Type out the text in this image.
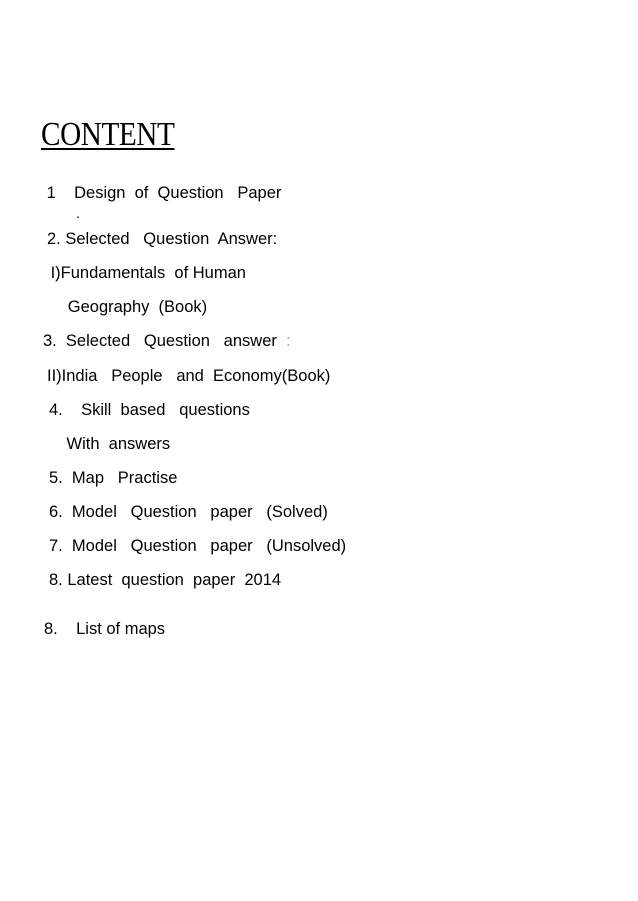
CONTENT
1    Design  of  Question   Paper
.
2. Selected   Question  Answer:
I)Fundamentals  of Human
Geography  (Book)
3.  Selected   Question   answer  :
II)India   People   and  Economy(Book)
4.    Skill  based   questions
With  answers
5.  Map   Practise
6.  Model   Question   paper   (Solved)
7.  Model   Question   paper   (Unsolved)
8. Latest  question  paper  2014
8.    List of maps
